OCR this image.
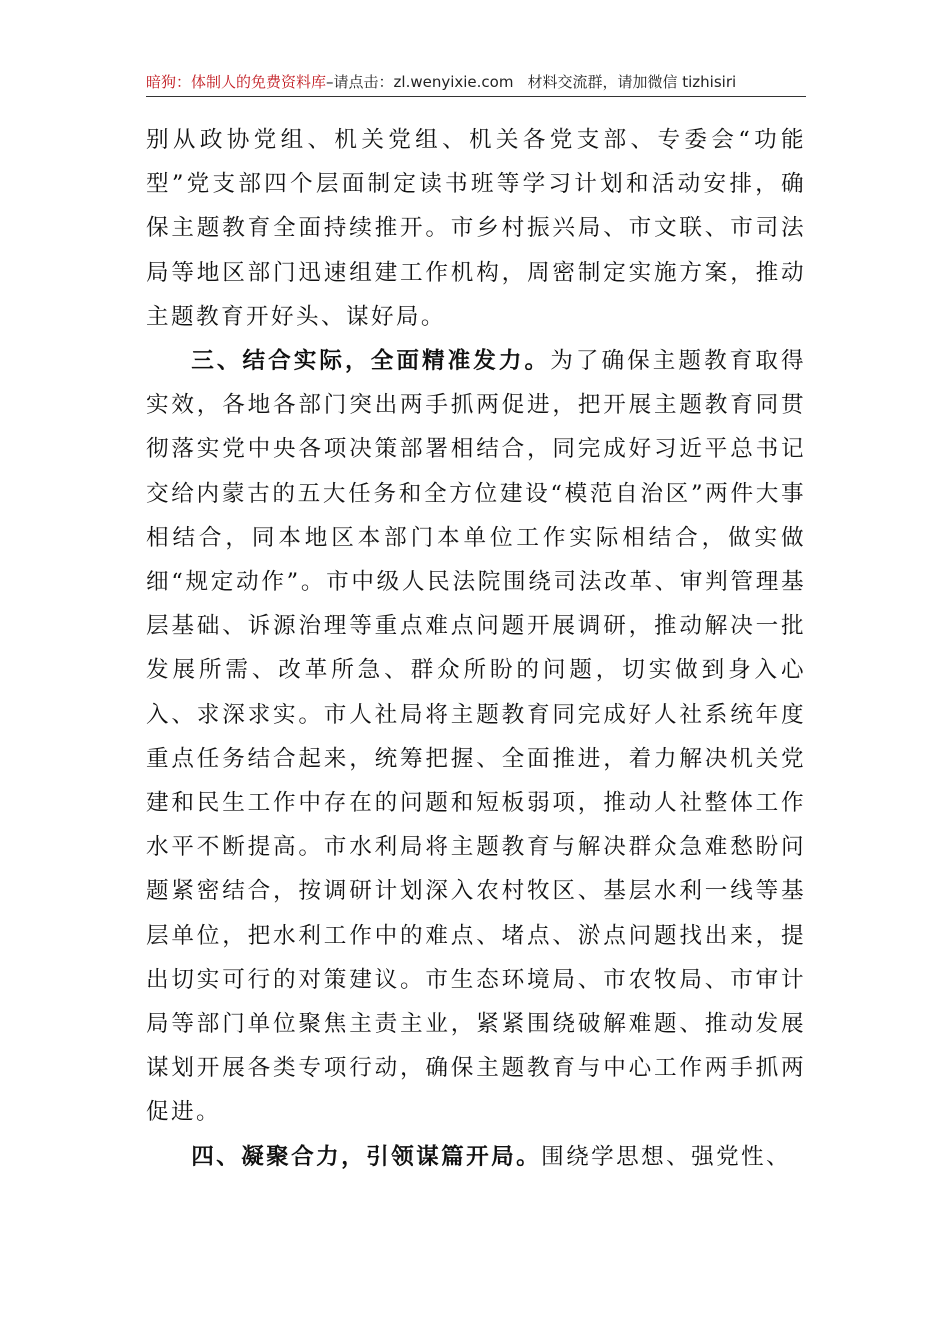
暗狗：体制人的免费资料库–请点击：zl.wenyixie.com 材料交流群，请加微信 tizhisiri

别从政协党组、机关党组、机关各党支部、专委会“功能型”党支部四个层面制定读书班等学习计划和活动安排，确保主题教育全面持续推开。市乡村振兴局、市文联、市司法局等地区部门迅速组建工作机构，周密制定实施方案，推动主题教育开好头、谋好局。

三、结合实际，全面精准发力。为了确保主题教育取得实效，各地各部门突出两手抓两促进，把开展主题教育同贯彻落实党中央各项决策部署相结合，同完成好习近平总书记交给内蒙古的五大任务和全方位建设“模范自治区”两件大事相结合，同本地区本部门本单位工作实际相结合，做实做细“规定动作”。市中级人民法院围绕司法改革、审判管理基层基础、诉源治理等重点难点问题开展调研，推动解决一批发展所需、改革所急、群众所盼的问题，切实做到身入心入、求深求实。市人社局将主题教育同完成好人社系统年度重点任务结合起来，统筹把握、全面推进，着力解决机关党建和民生工作中存在的问题和短板弱项，推动人社整体工作水平不断提高。市水利局将主题教育与解决群众急难愁盼问题紧密结合，按调研计划深入农村牧区、基层水利一线等基层单位，把水利工作中的难点、堵点、淤点问题找出来，提出切实可行的对策建议。市生态环境局、市农牧局、市审计局等部门单位聚焦主责主业，紧紧围绕破解难题、推动发展谋划开展各类专项行动，确保主题教育与中心工作两手抓两促进。

四、凝聚合力，引领谋篇开局。围绕学思想、强党性、
